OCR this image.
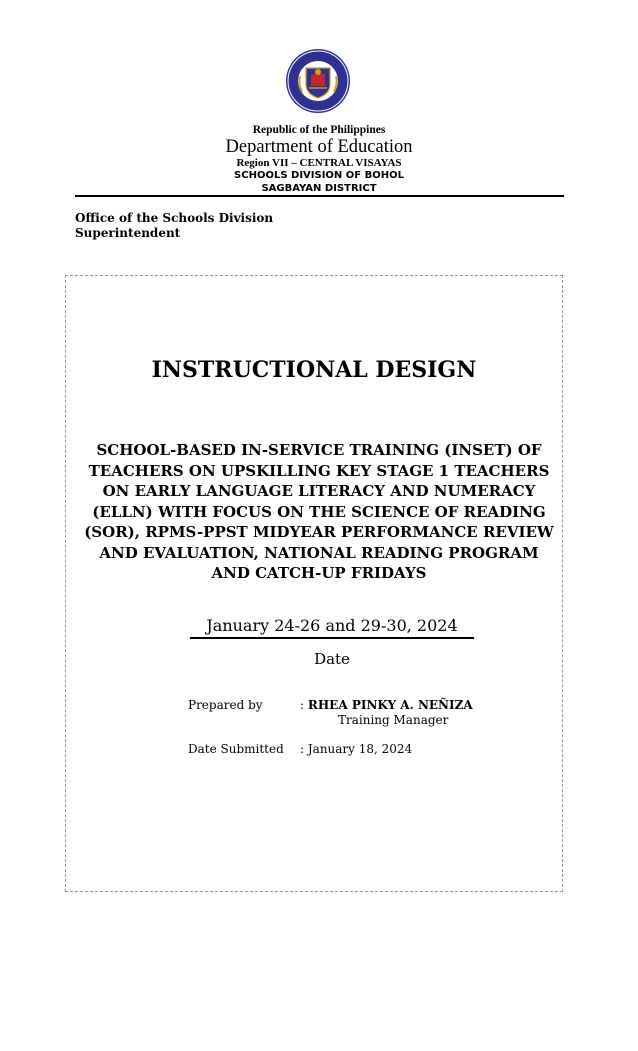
Republic of the Philippines
Department of Education
Region VII – CENTRAL VISAYAS
SCHOOLS DIVISION OF BOHOL
SAGBAYAN DISTRICT
Office of the Schools Division
Superintendent
INSTRUCTIONAL DESIGN
SCHOOL-BASED IN-SERVICE TRAINING (INSET) OF
TEACHERS ON UPSKILLING KEY STAGE 1 TEACHERS
ON EARLY LANGUAGE LITERACY AND NUMERACY
(ELLN) WITH FOCUS ON THE SCIENCE OF READING
(SOR), RPMS-PPST MIDYEAR PERFORMANCE REVIEW
AND EVALUATION, NATIONAL READING PROGRAM
AND CATCH-UP FRIDAYS
January 24-26 and 29-30, 2024
Date
Prepared by	: RHEA PINKY A. NEÑIZA
Training Manager
Date Submitted : January 18, 2024
